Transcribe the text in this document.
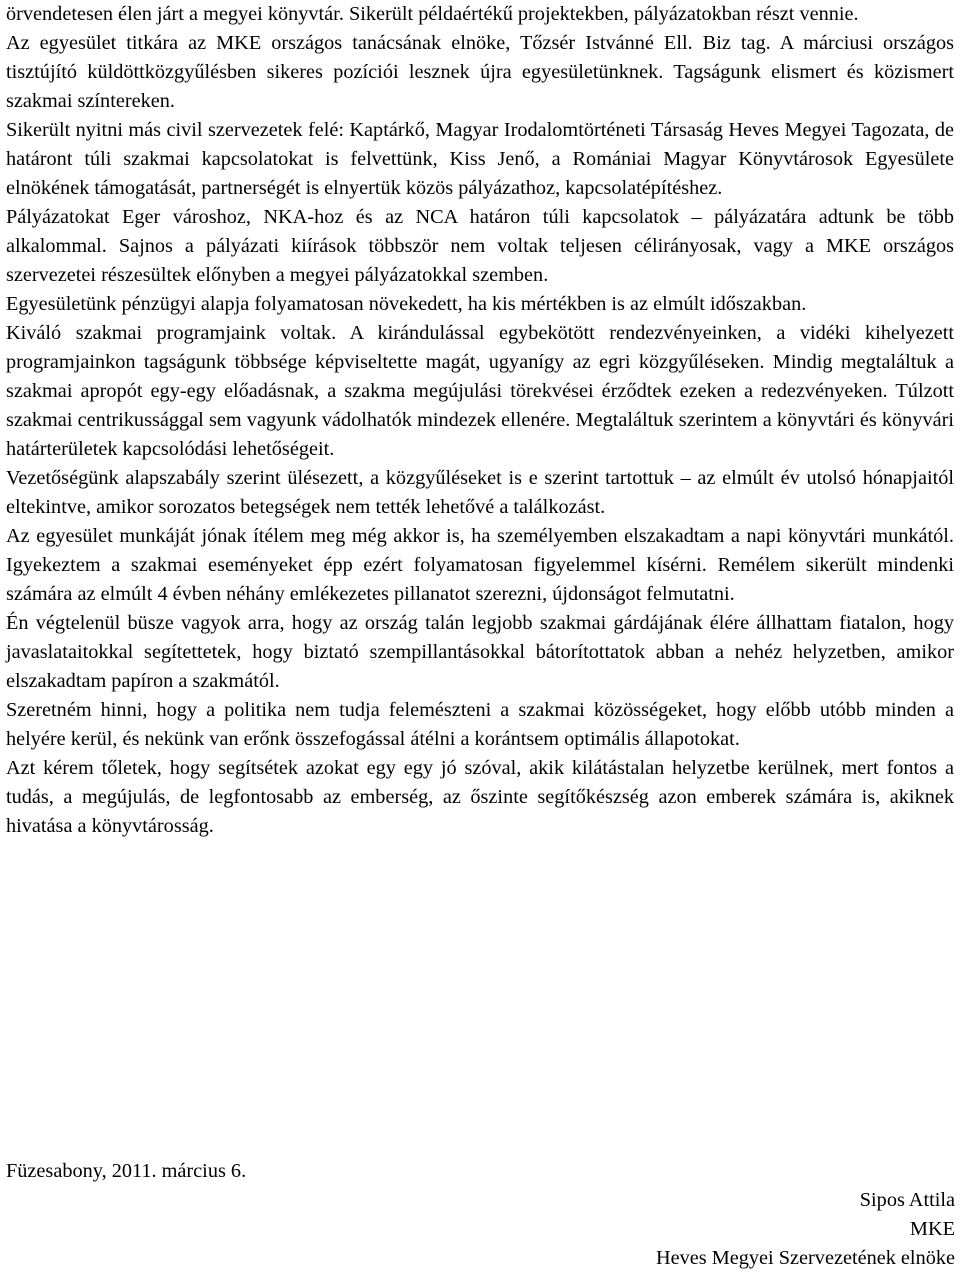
örvendetesen élen járt a megyei könyvtár. Sikerült példaértékű projektekben, pályázatokban részt vennie.

Az egyesület titkára az MKE országos tanácsának elnöke, Tőzsér Istvánné Ell. Biz tag. A márciusi országos tisztújító küldöttközgyűlésben sikeres pozíciói lesznek újra egyesületünknek. Tagságunk elismert és közismert szakmai színtereken.

Sikerült nyitni más civil szervezetek felé: Kaptárkő, Magyar Irodalomtörténeti Társaság Heves Megyei Tagozata, de határont túli szakmai kapcsolatokat is felvettünk, Kiss Jenő, a Romániai Magyar Könyvtárosok Egyesülete elnökének támogatását, partnerségét is elnyertük közös pályázathoz, kapcsolatépítéshez.

Pályázatokat Eger városhoz, NKA-hoz és az NCA határon túli kapcsolatok – pályázatára adtunk be több alkalommal. Sajnos a pályázati kiírások többször nem voltak teljesen célirányosak, vagy a MKE országos szervezetei részesültek előnyben a megyei pályázatokkal szemben.

Egyesületünk pénzügyi alapja folyamatosan növekedett, ha kis mértékben is az elmúlt időszakban.

Kiváló szakmai programjaink voltak. A kirándulással egybekötött rendezvényeinken, a vidéki kihelyezett programjainkon tagságunk többsége képviseltette magát, ugyanígy az egri közgyűléseken. Mindig megtaláltuk a szakmai apropót egy-egy előadásnak, a szakma megújulási törekvései érződtek ezeken a redezvényeken. Túlzott szakmai centrikussággal sem vagyunk vádolhatók mindezek ellenére. Megtaláltuk szerintem a könyvtári és könyvári határterületek kapcsolódási lehetőségeit.

Vezetőségünk alapszabály szerint ülésezett, a közgyűléseket is e szerint tartottuk – az elmúlt év utolsó hónapjaitól eltekintve, amikor sorozatos betegségek nem tették lehetővé a találkozást.

Az egyesület munkáját jónak ítélem meg még akkor is, ha személyemben elszakadtam a napi könyvtári munkától. Igyekeztem a szakmai eseményeket épp ezért folyamatosan figyelemmel kísérni. Remélem sikerült mindenki számára az elmúlt 4 évben néhány emlékezetes pillanatot szerezni, újdonságot felmutatni.

Én végtelenül büsze vagyok arra, hogy az ország talán legjobb szakmai gárdájának élére állhattam fiatalon, hogy javaslataitokkal segítettetek, hogy biztató szempillantásokkal bátorítottatok abban a nehéz helyzetben, amikor elszakadtam papíron a szakmától.

Szeretném hinni, hogy a politika nem tudja felemészteni a szakmai közösségeket, hogy előbb utóbb minden a helyére kerül, és nekünk van erőnk összefogással átélni a korántsem optimális állapotokat.

Azt kérem tőletek, hogy segítsétek azokat egy egy jó szóval, akik kilátástalan helyzetbe kerülnek, mert fontos a tudás, a megújulás, de legfontosabb az emberség, az őszinte segítőkészség azon emberek számára is, akiknek hivatása a könyvtárosság.

Füzesabony, 2011. március 6.
Sipos Attila
MKE
Heves Megyei Szervezetének elnöke
